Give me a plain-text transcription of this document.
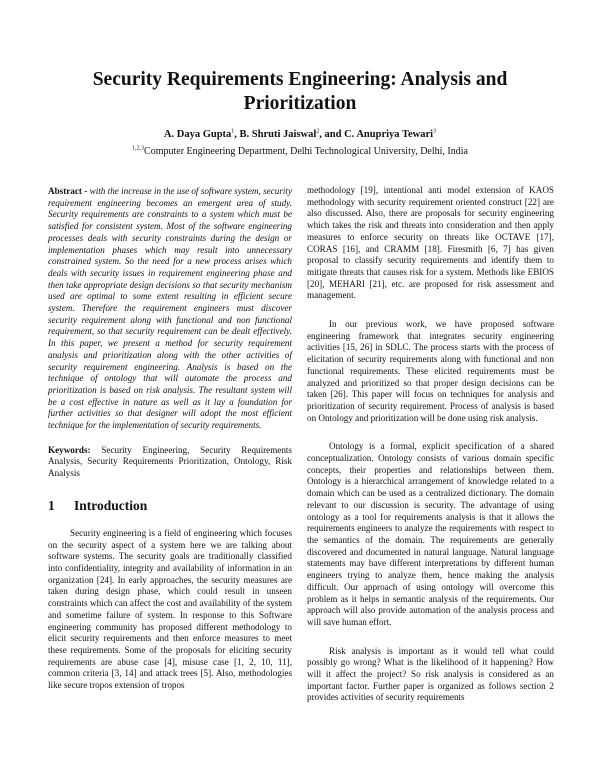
Security Requirements Engineering: Analysis and Prioritization
A. Daya Gupta$^1$, B. Shruti Jaiswal$^2$, and C. Anupriya Tewari$^3$
$^{1,2,3}$Computer Engineering Department, Delhi Technological University, Delhi, India

Abstract - with the increase in the use of software system, security requirement engineering becomes an emergent area of study. Security requirements are constraints to a system which must be satisfied for consistent system. Most of the software engineering processes deals with security constraints during the design or implementation phases which may result into unnecessary constrained system. So the need for a new process arises which deals with security issues in requirement engineering phase and then take appropriate design decisions so that security mechanism used are optimal to some extent resulting in efficient secure system. Therefore the requirement engineers must discover security requirement along with functional and non functional requirement, so that security requirement can be dealt effectively. In this paper, we present a method for security requirement analysis and prioritization along with the other activities of security requirement engineering. Analysis is based on the technique of ontology that will automate the process and prioritization is based on risk analysis. The resultant system will be a cost effective in nature as well as it lay a foundation for further activities so that designer will adopt the most efficient technique for the implementation of security requirements.

Keywords: Security Engineering, Security Requirements Analysis, Security Requirements Prioritization, Ontology, Risk Analysis

1 Introduction

Security engineering is a field of engineering which focuses on the security aspect of a system here we are talking about software systems. The security goals are traditionally classified into confidentiality, integrity and availability of information in an organization [24]. In early approaches, the security measures are taken during design phase, which could result in unseen constraints which can affect the cost and availability of the system and sometime failure of system. In response to this Software engineering community has proposed different methodology to elicit security requirements and then enforce measures to meet these requirements. Some of the proposals for eliciting security requirements are abuse case [4], misuse case [1, 2, 10, 11], common criteria [3, 14] and attack trees [5]. Also, methodologies like secure tropos extension of tropos

methodology [19], intentional anti model extension of KAOS methodology with security requirement oriented construct [22] are also discussed. Also, there are proposals for security engineering which takes the risk and threats into consideration and then apply measures to enforce security on threats like OCTAVE [17], CORAS [16], and CRAMM [18]. Firesmith [6, 7] has given proposal to classify security requirements and identify them to mitigate threats that causes risk for a system. Methods like EBIOS [20], MEHARI [21], etc. are proposed for risk assessment and management.

In our previous work, we have proposed software engineering framework that integrates security engineering activities [15, 26] in SDLC. The process starts with the process of elicitation of security requirements along with functional and non functional requirements. These elicited requirements must be analyzed and prioritized so that proper design decisions can be taken [26]. This paper will focus on techniques for analysis and prioritization of security requirement. Process of analysis is based on Ontology and prioritization will be done using risk analysis.

Ontology is a formal, explicit specification of a shared conceptualization. Ontology consists of various domain specific concepts, their properties and relationships between them. Ontology is a hierarchical arrangement of knowledge related to a domain which can be used as a centralized dictionary. The domain relevant to our discussion is security. The advantage of using ontology as a tool for requirements analysis is that it allows the requirements engineers to analyze the requirements with respect to the semantics of the domain. The requirements are generally discovered and documented in natural language. Natural language statements may have different interpretations by different human engineers trying to analyze them, hence making the analysis difficult. Our approach of using ontology will overcome this problem as it helps in semantic analysis of the requirements. Our approach will also provide automation of the analysis process and will save human effort.

Risk analysis is important as it would tell what could possibly go wrong? What is the likelihood of it happening? How will it affect the project? So risk analysis is considered as an important factor. Further paper is organized as follows section 2 provides activities of security requirements
